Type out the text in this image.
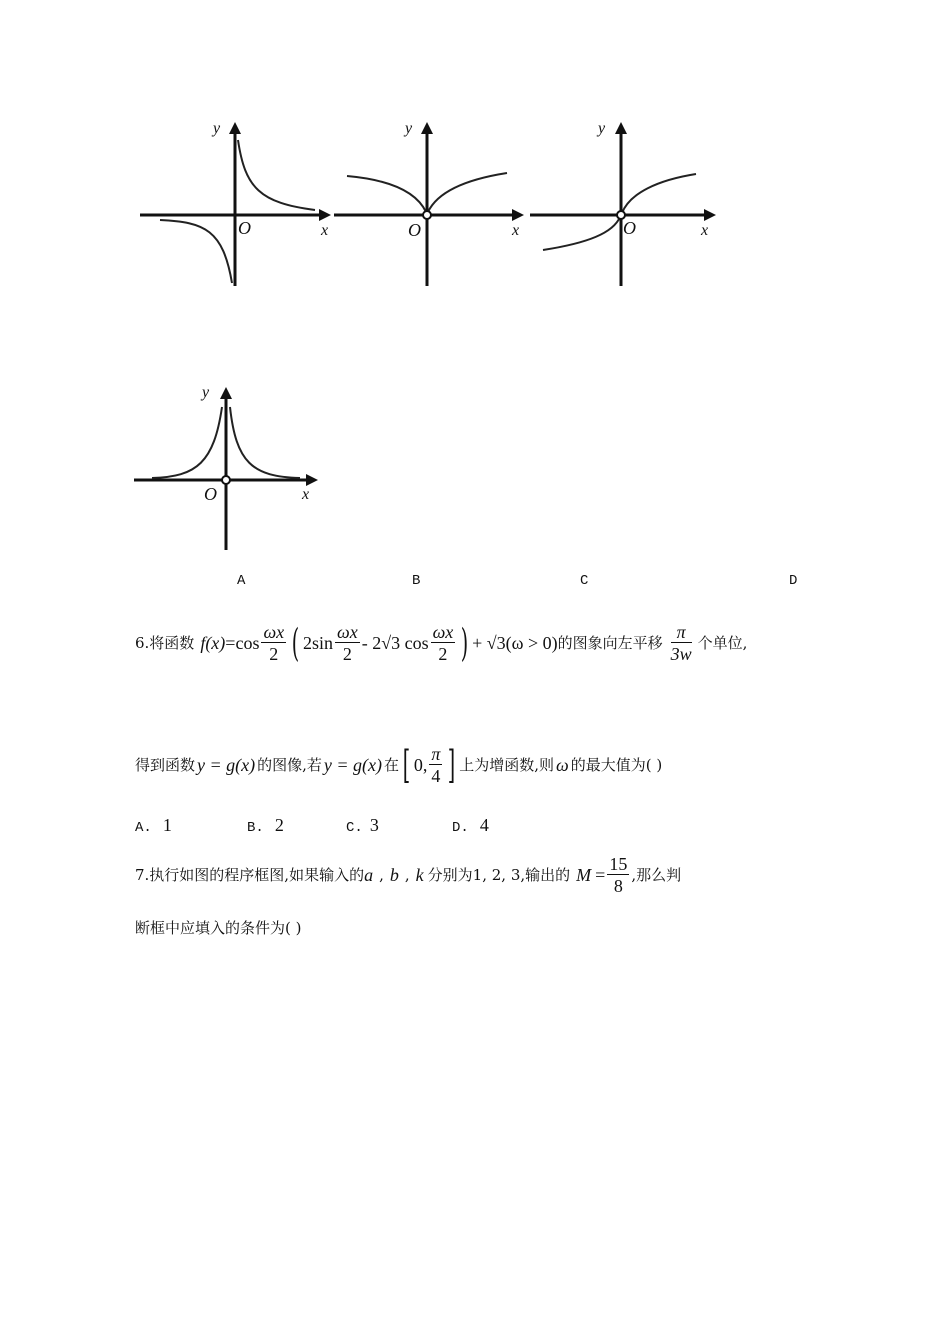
y
O	x
y
O	x
y
O	x
y
O	x
A	B	C	D
6.将函数 $f(x) =\cos \frac{\omega x}{2}$ ( $2\sin \frac{\omega x}{2} - 2√3$ $\cos \frac{\omega x}{2}$ ) + √3 (ω > 0) 的图象向左平移 $\frac{\pi}{3w}$ 个单位,
得到函数 y = g(x) 的图像,若 y = g(x) 在 [ 0, $\frac{\pi}{4}$ ] 上为增函数,则 ω 的最大值为( )
A. 1	B. 2	C. 3	D. 4
7.执行如图的程序框图,如果输入的 a , b , k 分别为 1, 2, 3, 输出的 $M = \frac{15}{8}$ ,那么判
断框中应填入的条件为( )
